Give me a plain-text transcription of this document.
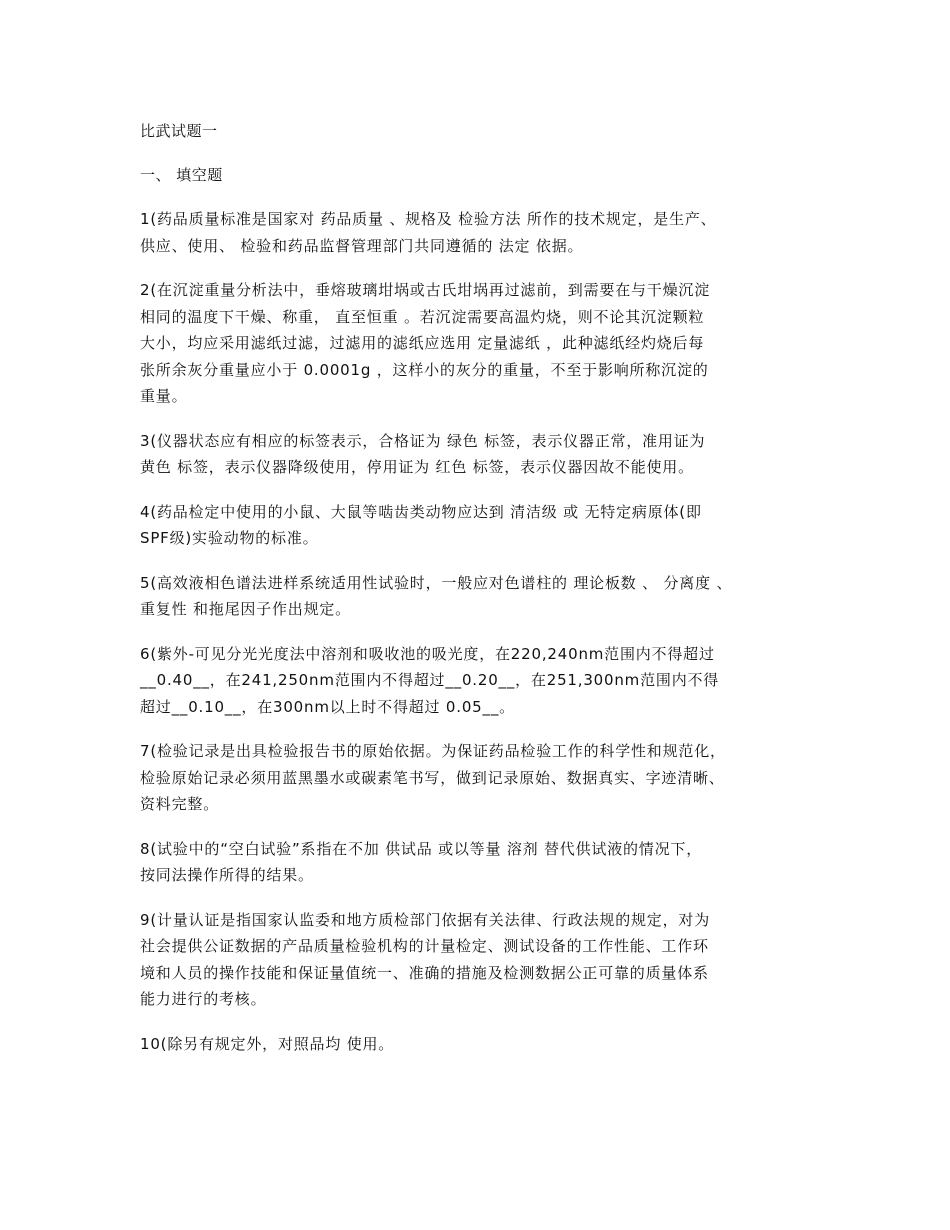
比武试题一
一、 填空题
1(药品质量标准是国家对 药品质量 、规格及 检验方法 所作的技术规定，是生产、
供应、使用、 检验和药品监督管理部门共同遵循的 法定 依据。
2(在沉淀重量分析法中，垂熔玻璃坩埚或古氏坩埚再过滤前，到需要在与干燥沉淀
相同的温度下干燥、称重， 直至恒重 。若沉淀需要高温灼烧，则不论其沉淀颗粒
大小，均应采用滤纸过滤，过滤用的滤纸应选用 定量滤纸 ，此种滤纸经灼烧后每
张所余灰分重量应小于 0.0001g ，这样小的灰分的重量，不至于影响所称沉淀的
重量。
3(仪器状态应有相应的标签表示，合格证为 绿色 标签，表示仪器正常，准用证为
黄色 标签，表示仪器降级使用，停用证为 红色 标签，表示仪器因故不能使用。
4(药品检定中使用的小鼠、大鼠等啮齿类动物应达到 清洁级 或 无特定病原体(即
SPF级)实验动物的标准。
5(高效液相色谱法进样系统适用性试验时，一般应对色谱柱的 理论板数 、 分离度 、
重复性 和拖尾因子作出规定。
6(紫外-可见分光光度法中溶剂和吸收池的吸光度，在220,240nm范围内不得超过
__0.40__，在241,250nm范围内不得超过__0.20__，在251,300nm范围内不得
超过__0.10__，在300nm以上时不得超过 0.05__。
7(检验记录是出具检验报告书的原始依据。为保证药品检验工作的科学性和规范化，
检验原始记录必须用蓝黑墨水或碳素笔书写，做到记录原始、数据真实、字迹清晰、
资料完整。
8(试验中的“空白试验”系指在不加 供试品 或以等量 溶剂 替代供试液的情况下，
按同法操作所得的结果。
9(计量认证是指国家认监委和地方质检部门依据有关法律、行政法规的规定，对为
社会提供公证数据的产品质量检验机构的计量检定、测试设备的工作性能、工作环
境和人员的操作技能和保证量值统一、准确的措施及检测数据公正可靠的质量体系
能力进行的考核。
10(除另有规定外，对照品均 使用。
